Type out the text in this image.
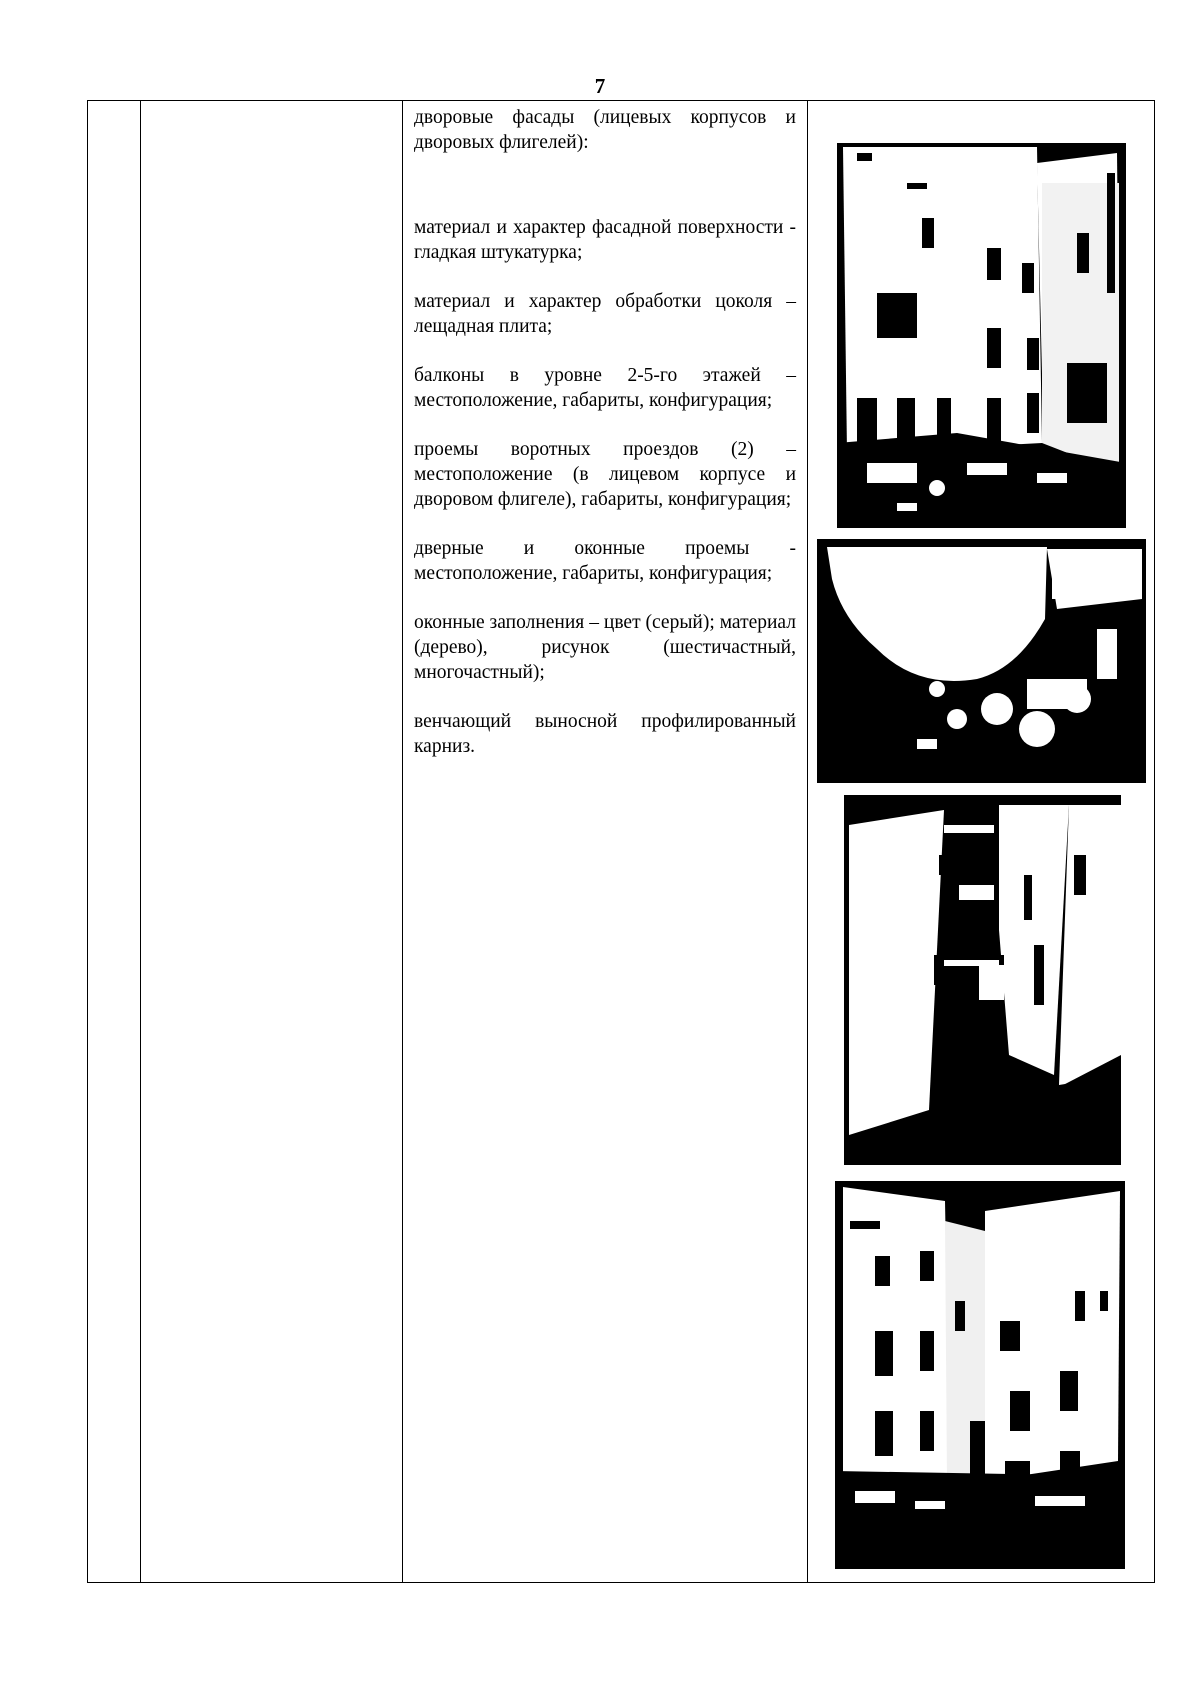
7

дворовые фасады (лицевых корпусов и дворовых флигелей):

материал и характер фасадной поверхности - гладкая штукатурка;

материал и характер обработки цоколя – лещадная плита;

балконы в уровне 2-5-го этажей – местоположение, габариты, конфигурация;

проемы воротных проездов (2) – местоположение (в лицевом корпусе и дворовом флигеле), габариты, конфигурация;

дверные и оконные проемы - местоположение, габариты, конфигурация;

оконные заполнения – цвет (серый); материал (дерево), рисунок (шестичастный, многочастный);

венчающий выносной профилированный карниз.
